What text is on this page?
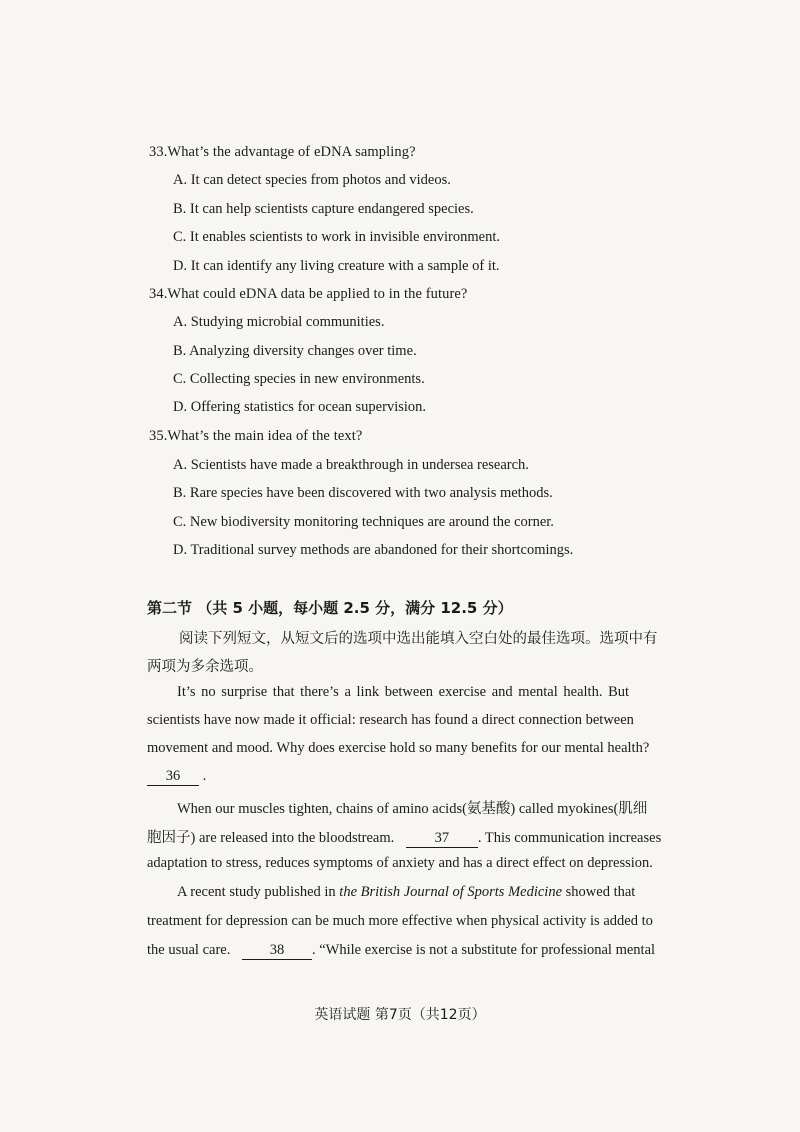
33.What’s the advantage of eDNA sampling?
A. It can detect species from photos and videos.
B. It can help scientists capture endangered species.
C. It enables scientists to work in invisible environment.
D. It can identify any living creature with a sample of it.
34.What could eDNA data be applied to in the future?
A. Studying microbial communities.
B. Analyzing diversity changes over time.
C. Collecting species in new environments.
D. Offering statistics for ocean supervision.
35.What’s the main idea of the text?
A. Scientists have made a breakthrough in undersea research.
B. Rare species have been discovered with two analysis methods.
C. New biodiversity monitoring techniques are around the corner.
D. Traditional survey methods are abandoned for their shortcomings.
第二节 （共 5 小题，每小题 2.5 分，满分 12.5 分）
阅读下列短文，从短文后的选项中选出能填入空白处的最佳选项。选项中有
两项为多余选项。
It’s no surprise that there’s a link between exercise and mental health. But
scientists have now made it official: research has found a direct connection between
movement and mood. Why does exercise hold so many benefits for our mental health?
36 .
When our muscles tighten, chains of amino acids(氨基酸) called myokines(肌细
胞因子) are released into the bloodstream.	37 . This communication increases
adaptation to stress, reduces symptoms of anxiety and has a direct effect on depression.
A recent study published in the British Journal of Sports Medicine showed that
treatment for depression can be much more effective when physical activity is added to
the usual care.	38 . “While exercise is not a substitute for professional mental
英语试题 第7页（共12页）
